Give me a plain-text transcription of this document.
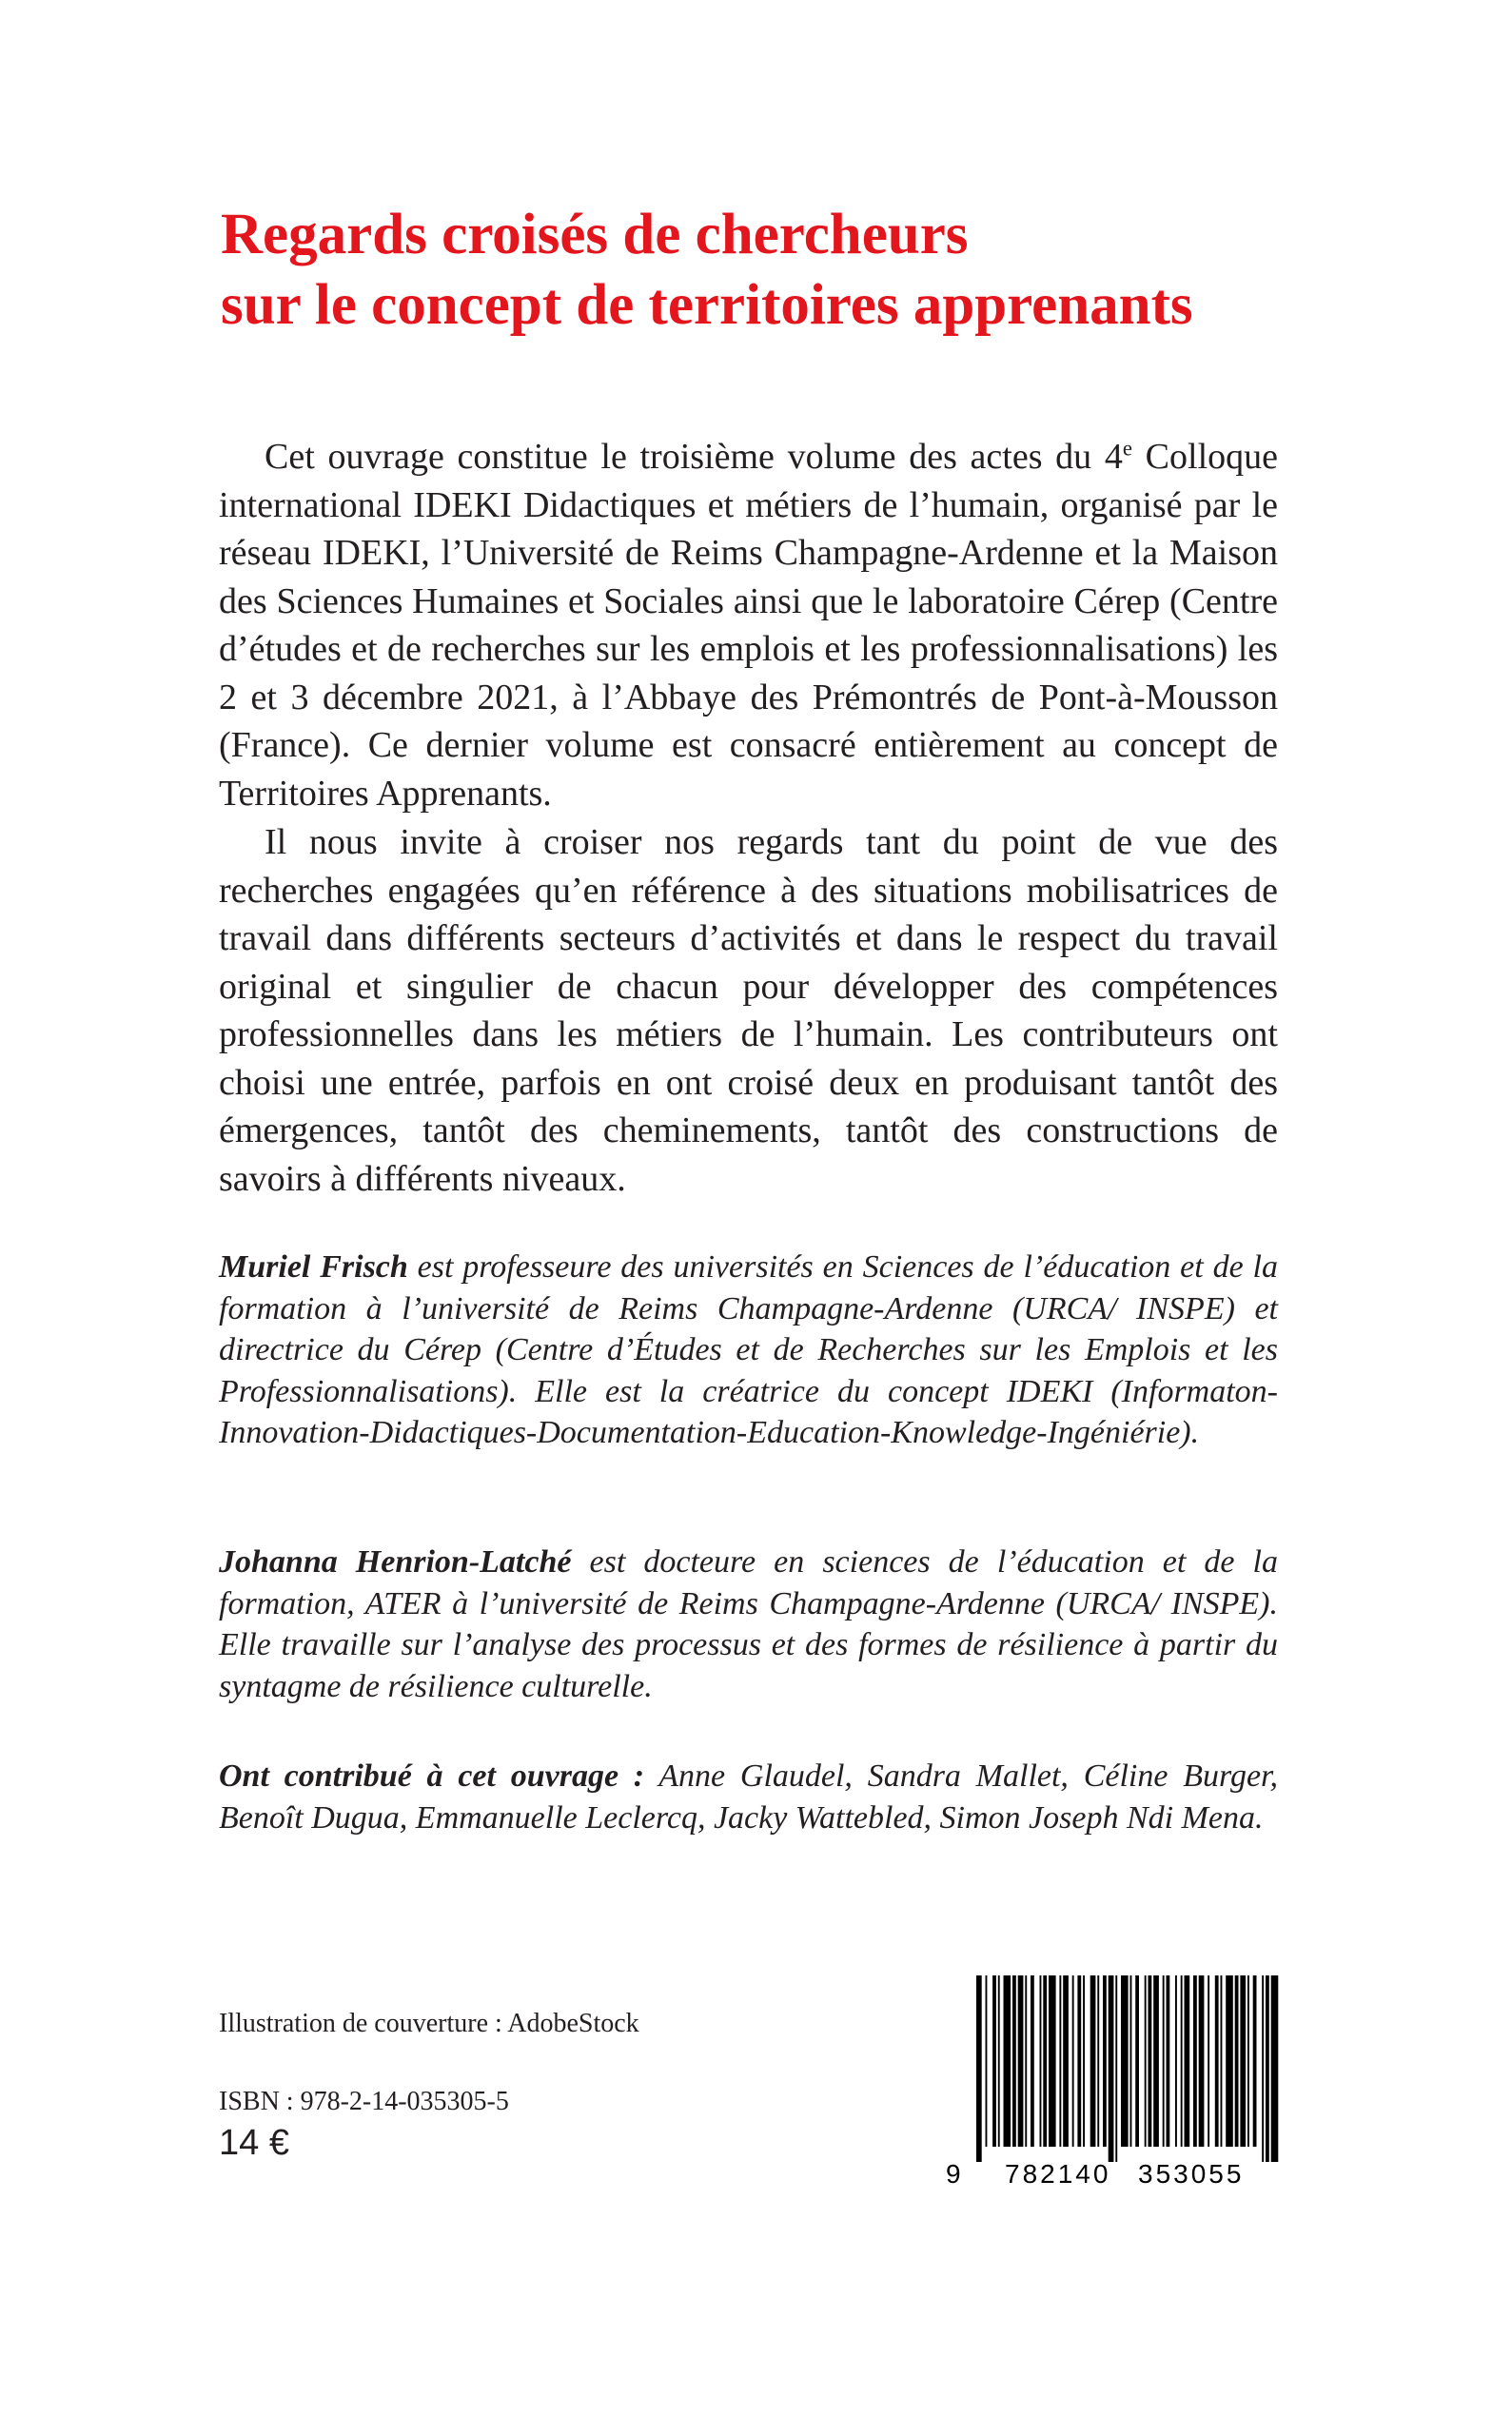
Regards croisés de chercheurs
sur le concept de territoires apprenants

Cet ouvrage constitue le troisième volume des actes du 4e Colloque international IDEKI Didactiques et métiers de l’humain, organisé par le réseau IDEKI, l’Université de Reims Champagne-Ardenne et la Maison des Sciences Humaines et Sociales ainsi que le laboratoire Cérep (Centre d’études et de recherches sur les emplois et les professionnalisations) les 2 et 3 décembre 2021, à l’Abbaye des Prémontrés de Pont-à-Mousson (France). Ce dernier volume est consacré entièrement au concept de Territoires Apprenants.

Il nous invite à croiser nos regards tant du point de vue des recherches engagées qu’en référence à des situations mobilisatrices de travail dans différents secteurs d’activités et dans le respect du travail original et singulier de chacun pour développer des compétences professionnelles dans les métiers de l’humain. Les contributeurs ont choisi une entrée, parfois en ont croisé deux en produisant tantôt des émergences, tantôt des cheminements, tantôt des constructions de savoirs à différents niveaux.

Muriel Frisch est professeure des universités en Sciences de l’éducation et de la formation à l’université de Reims Champagne-Ardenne (URCA/ INSPE) et directrice du Cérep (Centre d’Études et de Recherches sur les Emplois et les Professionnalisations). Elle est la créatrice du concept IDEKI (Informaton-Innovation-Didactiques-Documentation-Education-Knowledge-Ingéniérie).
Johanna Henrion-Latché est docteure en sciences de l’éducation et de la formation, ATER à l’université de Reims Champagne-Ardenne (URCA/ INSPE). Elle travaille sur l’analyse des processus et des formes de résilience à partir du syntagme de résilience culturelle.
Ont contribué à cet ouvrage : Anne Glaudel, Sandra Mallet, Céline Burger, Benoît Dugua, Emmanuelle Leclercq, Jacky Wattebled, Simon Joseph Ndi Mena.
Illustration de couverture : AdobeStock
ISBN : 978-2-14-035305-5
14 €
9 782140 353055
